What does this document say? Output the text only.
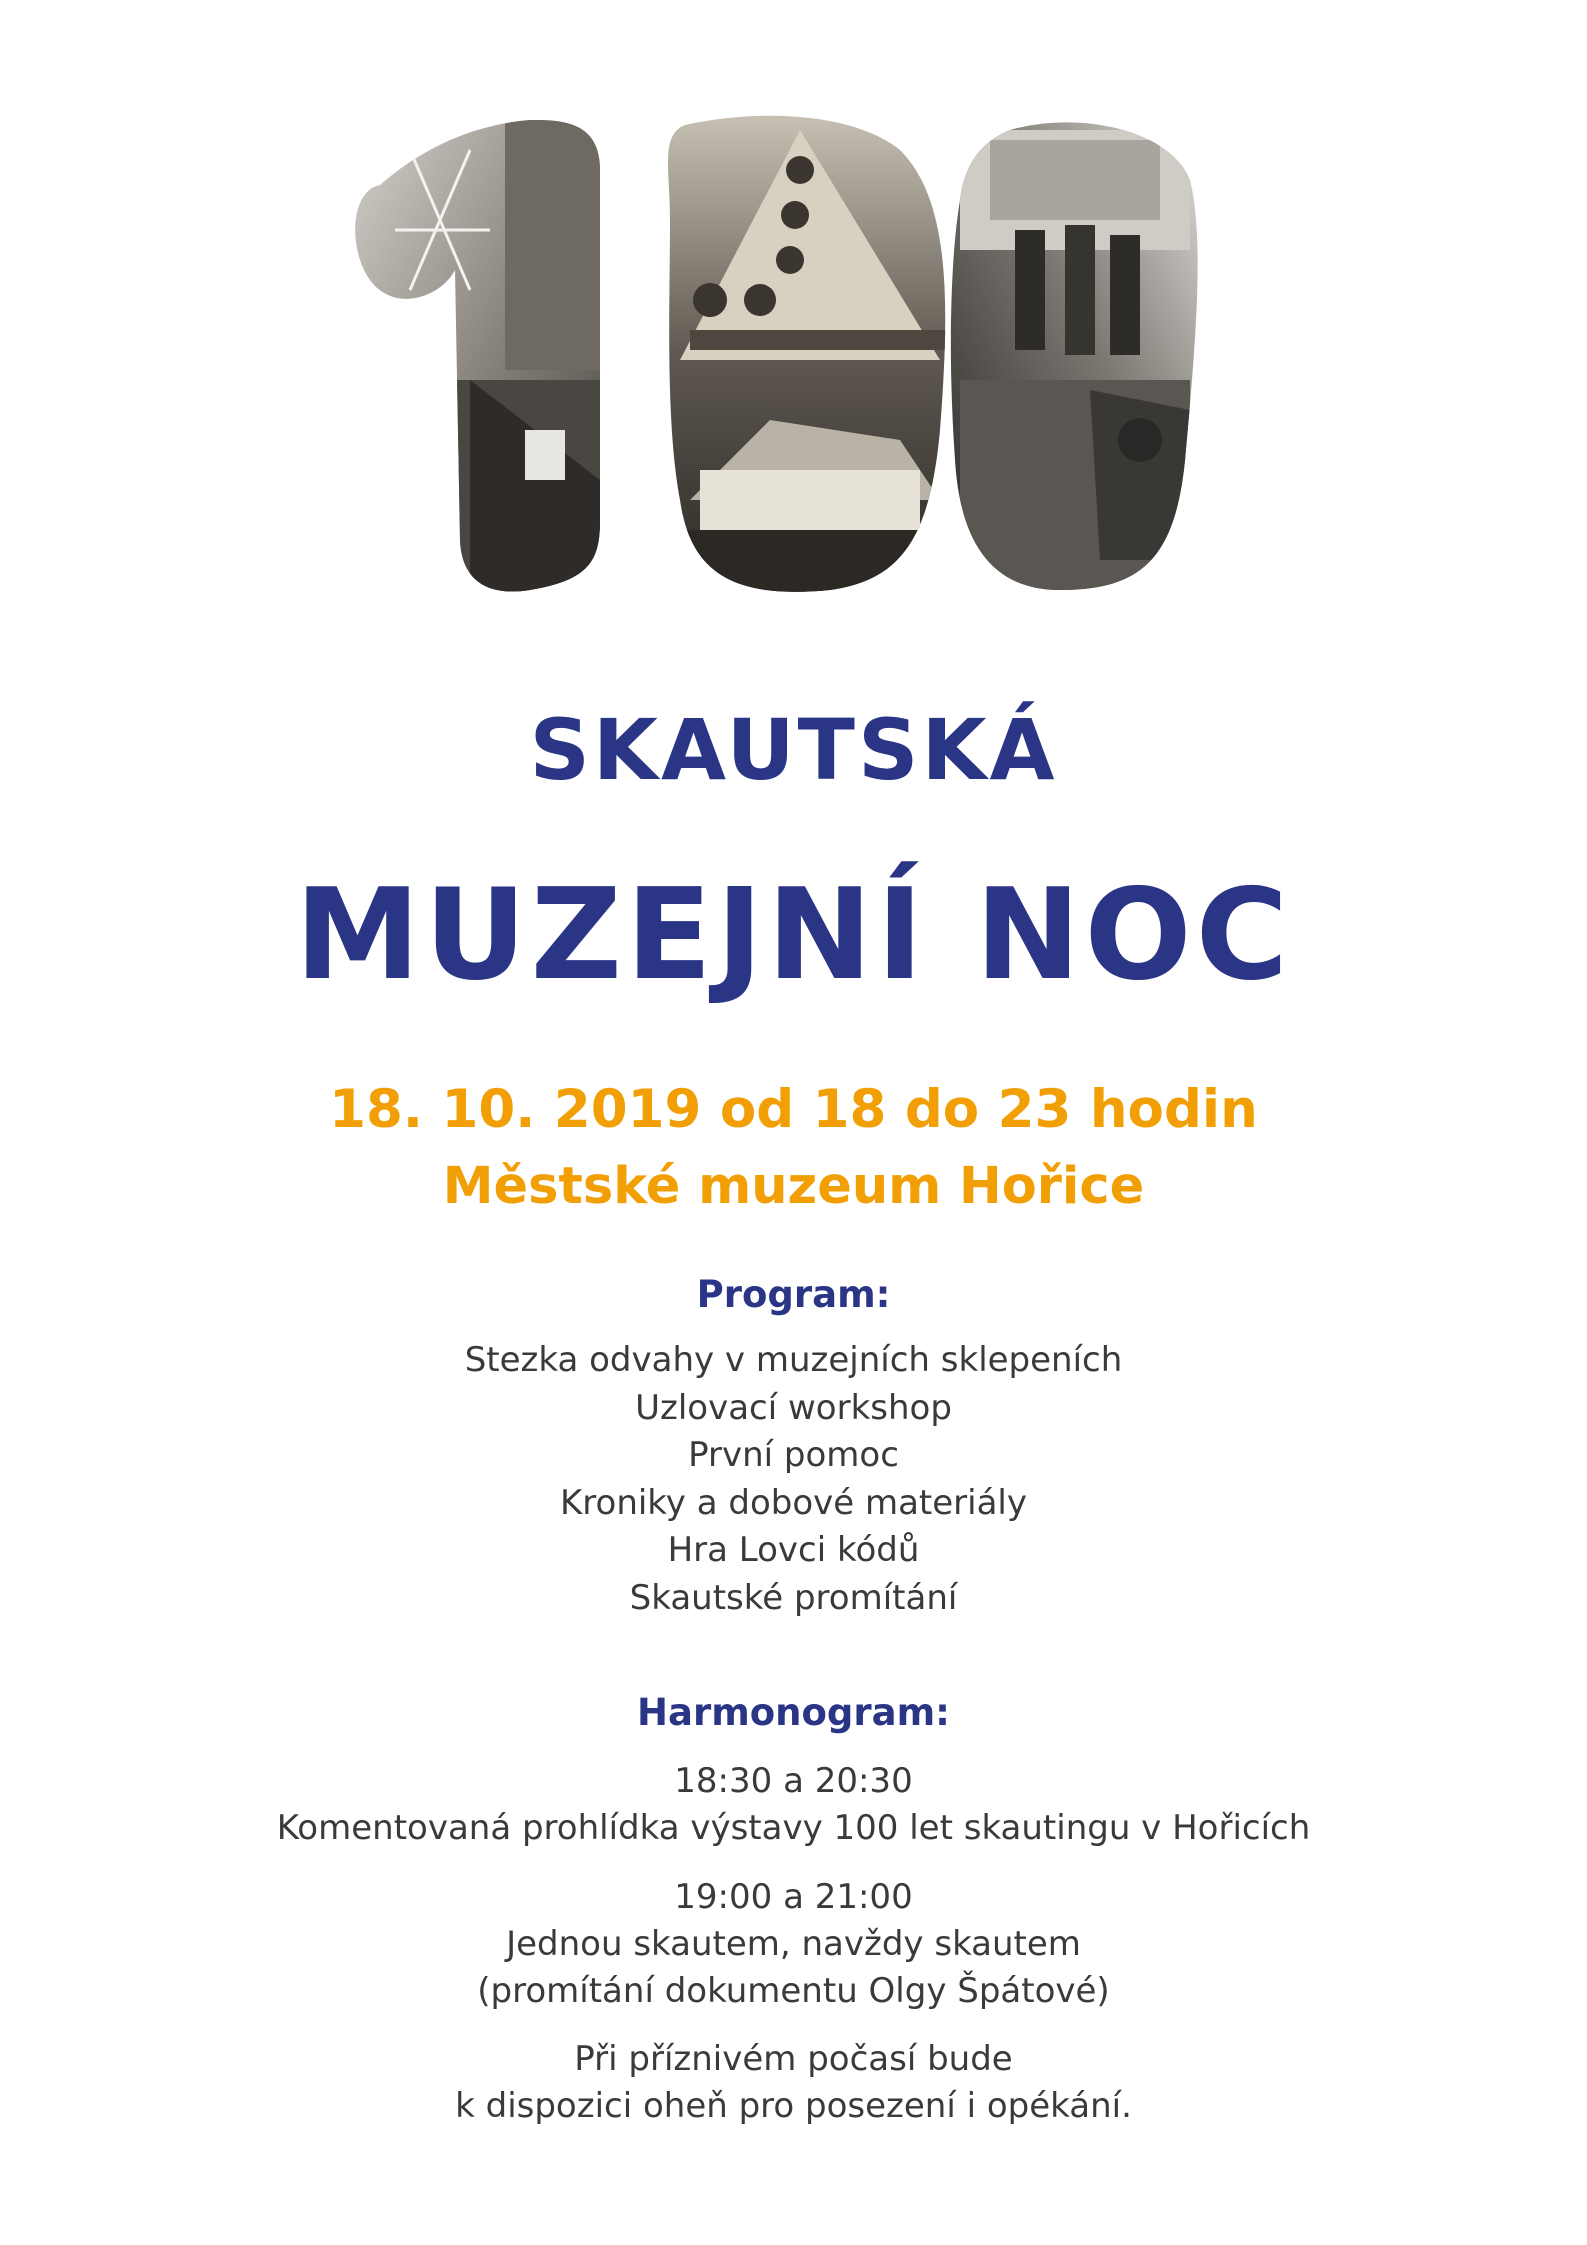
SKAUTSKÁ
MUZEJNÍ NOC
18. 10. 2019 od 18 do 23 hodin
Městské muzeum Hořice
Program:
Stezka odvahy v muzejních sklepeních
Uzlovací workshop
První pomoc
Kroniky a dobové materiály
Hra Lovci kódů
Skautské promítání
Harmonogram:
18:30 a 20:30
Komentovaná prohlídka výstavy 100 let skautingu v Hořicích
19:00 a 21:00
Jednou skautem, navždy skautem
(promítání dokumentu Olgy Špátové)
Při příznivém počasí bude
k dispozici oheň pro posezení i opékání.
